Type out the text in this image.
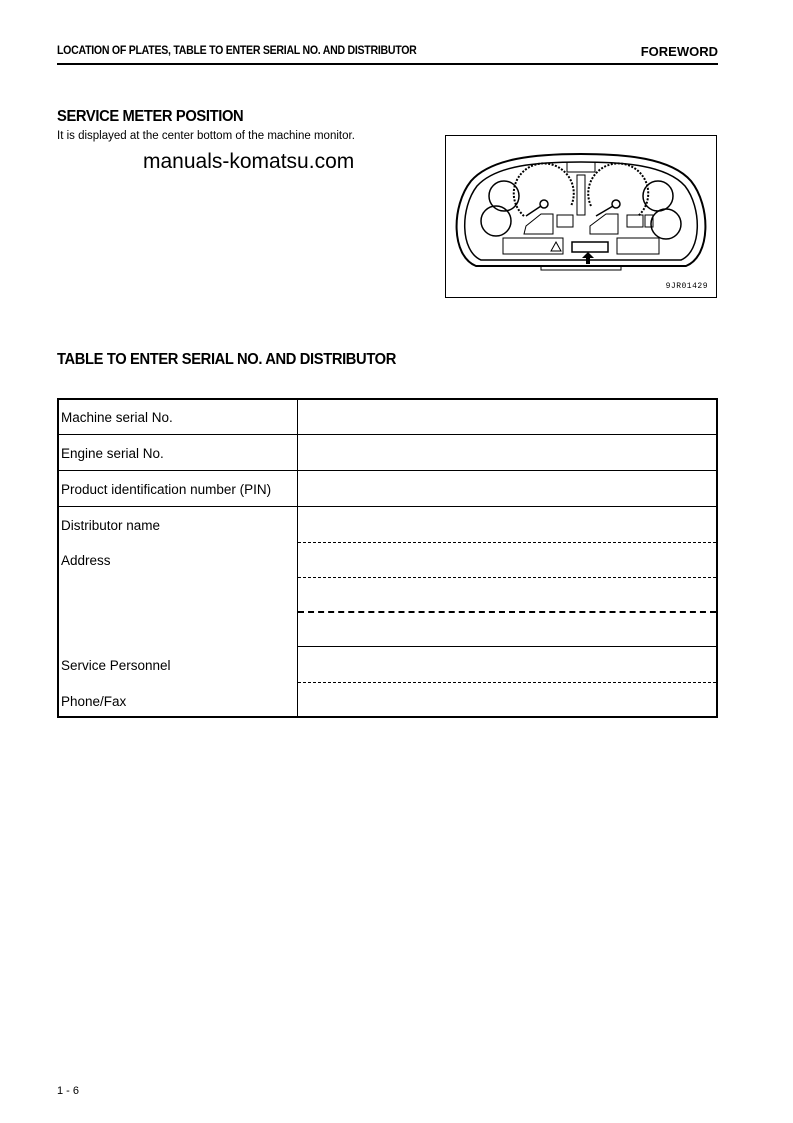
LOCATION OF PLATES, TABLE TO ENTER SERIAL NO. AND DISTRIBUTOR	FOREWORD
SERVICE METER POSITION
It is displayed at the center bottom of the machine monitor.
manuals-komatsu.com
9JR01429
TABLE TO ENTER SERIAL NO. AND DISTRIBUTOR
Machine serial No.
Engine serial No.
Product identification number (PIN)
Distributor name
Address
Service Personnel
Phone/Fax
1 - 6
